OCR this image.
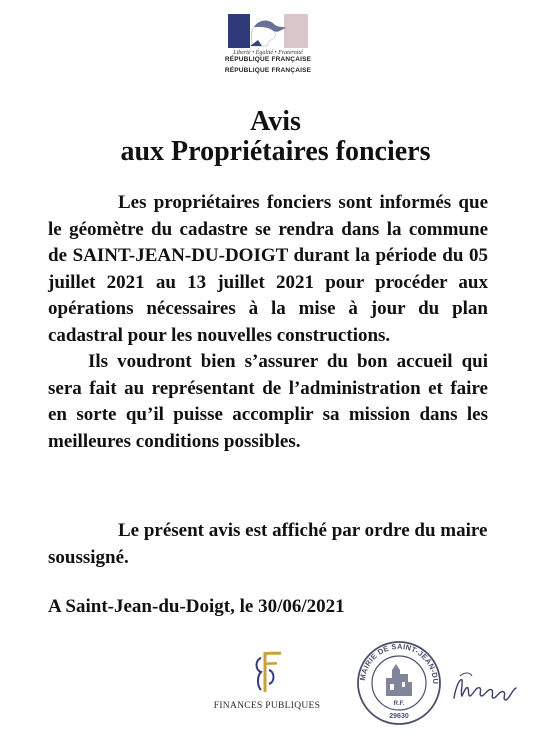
Liberté • Égalité • Fraternité
RÉPUBLIQUE FRANÇAISE
RÉPUBLIQUE FRANÇAISE
Avis
aux Propriétaires fonciers

Les propriétaires fonciers sont informés que le géomètre du cadastre se rendra dans la commune de SAINT-JEAN-DU-DOIGT durant la période du 05 juillet 2021 au 13 juillet 2021 pour procéder aux opérations nécessaires à la mise à jour du plan cadastral pour les nouvelles constructions.

Ils voudront bien s’assurer du bon accueil qui sera fait au représentant de l’administration et faire en sorte qu’il puisse accomplir sa mission dans les meilleures conditions possibles.

Le présent avis est affiché par ordre du maire soussigné.

A Saint-Jean-du-Doigt, le 30/06/2021
FINANCES PUBLIQUES
MAIRIE DE SAINT-JEAN-DU
R.F.
29630
